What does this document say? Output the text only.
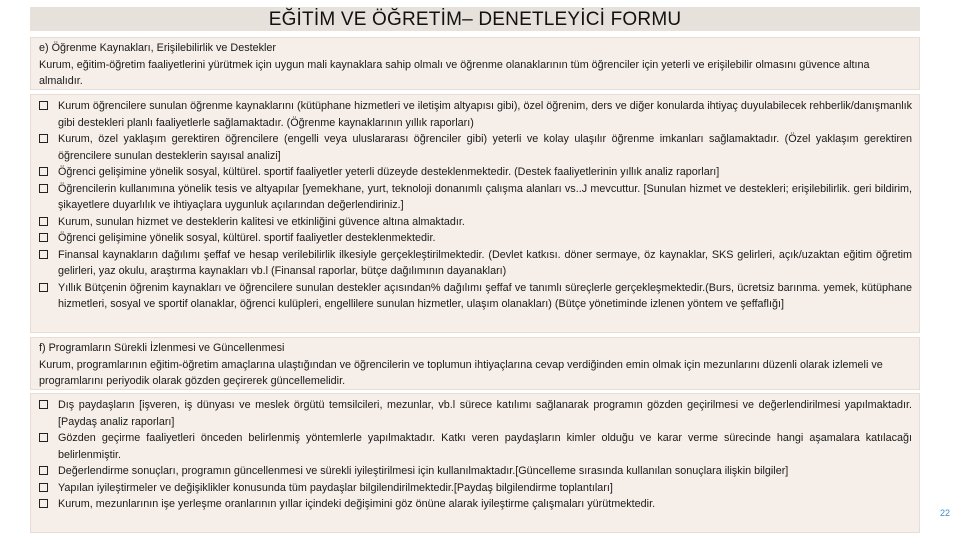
EĞİTİM VE ÖĞRETİM– DENETLEYİCİ FORMU
e) Öğrenme Kaynakları, Erişilebilirlik ve Destekler
Kurum, eğitim-öğretim faaliyetlerini yürütmek için uygun mali kaynaklara sahip olmalı ve öğrenme olanaklarının tüm öğrenciler için yeterli ve erişilebilir olmasını güvence altına almalıdır.
Kurum öğrencilere sunulan öğrenme kaynaklarını (kütüphane hizmetleri ve iletişim altyapısı gibi), özel öğrenim, ders ve diğer konularda ihtiyaç duyulabilecek rehberlik/danışmanlık gibi destekleri planlı faaliyetlerle sağlamaktadır. (Öğrenme kaynaklarının yıllık raporları)
Kurum, özel yaklaşım gerektiren öğrencilere (engelli veya uluslararası öğrenciler gibi) yeterli ve kolay ulaşılır öğrenme imkanları sağlamaktadır. (Özel yaklaşım gerektiren öğrencilere sunulan desteklerin sayısal analizi]
Öğrenci gelişimine yönelik sosyal, kültürel. sportif faaliyetler yeterli düzeyde desteklenmektedir. (Destek faaliyetlerinin yıllık analiz raporları]
Öğrencilerin kullanımına yönelik tesis ve altyapılar [yemekhane, yurt, teknoloji donanımlı çalışma alanları vs..J mevcuttur. [Sunulan hizmet ve destekleri; erişilebilirlik. geri bildirim, şikayetlere duyarlılık ve ihtiyaçlara uygunluk açılarından değerlendiriniz.]
Kurum, sunulan hizmet ve desteklerin kalitesi ve etkinliğini güvence altına almaktadır.
Öğrenci gelişimine yönelik sosyal, kültürel. sportif faaliyetler desteklenmektedir.
Finansal kaynakların dağılımı şeffaf ve hesap verilebilirlik ilkesiyle gerçekleştirilmektedir. (Devlet katkısı. döner sermaye, öz kaynaklar, SKS gelirleri, açık/uzaktan eğitim öğretim gelirleri, yaz okulu, araştırma kaynakları vb.l (Finansal raporlar, bütçe dağılımının dayanakları)
Yıllık Bütçenin öğrenim kaynakları ve öğrencilere sunulan destekler açısından% dağılımı şeffaf ve tanımlı süreçlerle gerçekleşmektedir.(Burs, ücretsiz barınma. yemek, kütüphane hizmetleri, sosyal ve sportif olanaklar, öğrenci kulüpleri, engellilere sunulan hizmetler, ulaşım olanakları) (Bütçe yönetiminde izlenen yöntem ve şeffaflığı]
f) Programların Sürekli İzlenmesi ve Güncellenmesi
Kurum, programlarının eğitim-öğretim amaçlarına ulaştığından ve öğrencilerin ve toplumun ihtiyaçlarına cevap verdiğinden emin olmak için mezunlarını düzenli olarak izlemeli ve programlarını periyodik olarak gözden geçirerek güncellemelidir.
Dış paydaşların [işveren, iş dünyası ve meslek örgütü temsilcileri, mezunlar, vb.l sürece katılımı sağlanarak programın gözden geçirilmesi ve değerlendirilmesi yapılmaktadır. [Paydaş analiz raporları]
Gözden geçirme faaliyetleri önceden belirlenmiş yöntemlerle yapılmaktadır. Katkı veren paydaşların kimler olduğu ve karar verme sürecinde hangi aşamalara katılacağı belirlenmiştir.
Değerlendirme sonuçları, programın güncellenmesi ve sürekli iyileştirilmesi için kullanılmaktadır.[Güncelleme sırasında kullanılan sonuçlara ilişkin bilgiler]
Yapılan iyileştirmeler ve değişiklikler konusunda tüm paydaşlar bilgilendirilmektedir.[Paydaş bilgilendirme toplantıları]
Kurum, mezunlarının işe yerleşme oranlarının yıllar içindeki değişimini göz önüne alarak iyileştirme çalışmaları yürütmektedir.
22
